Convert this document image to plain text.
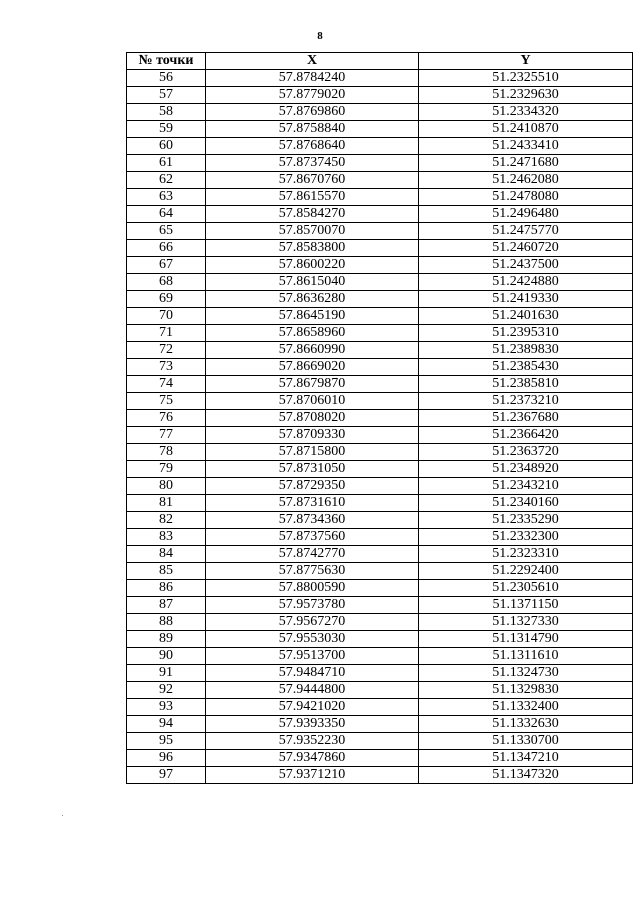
8
№ точки	X	Y
56	57.8784240	51.2325510
57	57.8779020	51.2329630
58	57.8769860	51.2334320
59	57.8758840	51.2410870
60	57.8768640	51.2433410
61	57.8737450	51.2471680
62	57.8670760	51.2462080
63	57.8615570	51.2478080
64	57.8584270	51.2496480
65	57.8570070	51.2475770
66	57.8583800	51.2460720
67	57.8600220	51.2437500
68	57.8615040	51.2424880
69	57.8636280	51.2419330
70	57.8645190	51.2401630
71	57.8658960	51.2395310
72	57.8660990	51.2389830
73	57.8669020	51.2385430
74	57.8679870	51.2385810
75	57.8706010	51.2373210
76	57.8708020	51.2367680
77	57.8709330	51.2366420
78	57.8715800	51.2363720
79	57.8731050	51.2348920
80	57.8729350	51.2343210
81	57.8731610	51.2340160
82	57.8734360	51.2335290
83	57.8737560	51.2332300
84	57.8742770	51.2323310
85	57.8775630	51.2292400
86	57.8800590	51.2305610
87	57.9573780	51.1371150
88	57.9567270	51.1327330
89	57.9553030	51.1314790
90	57.9513700	51.1311610
91	57.9484710	51.1324730
92	57.9444800	51.1329830
93	57.9421020	51.1332400
94	57.9393350	51.1332630
95	57.9352230	51.1330700
96	57.9347860	51.1347210
97	57.9371210	51.1347320
